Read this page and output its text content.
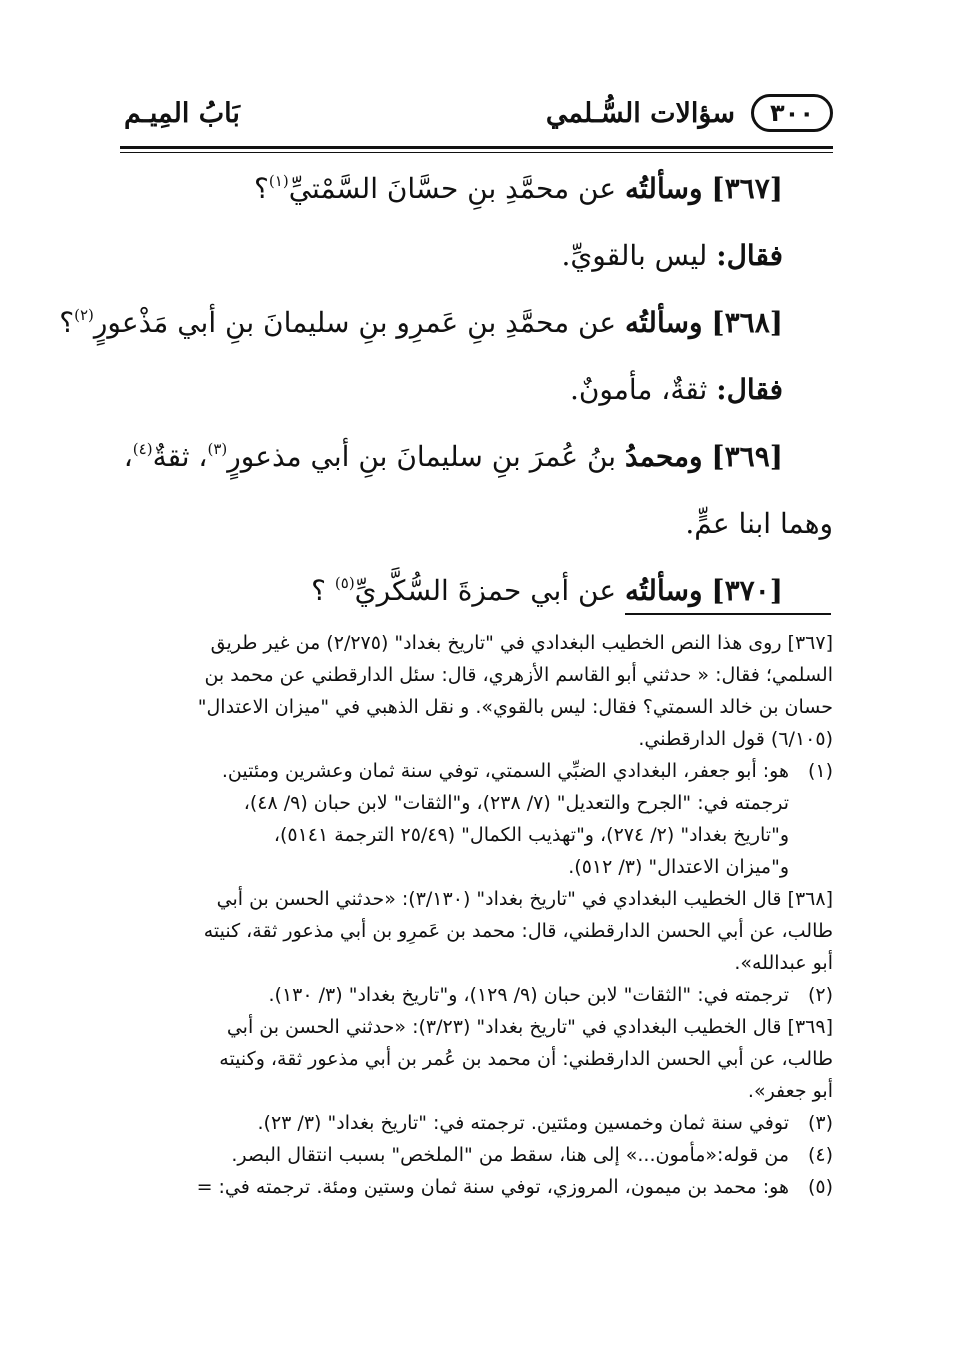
٣٠٠
سؤالات السُّـلمي
بَابُ المِيـم

[٣٦٧] وسألتُه عن محمَّدِ بنِ حسَّانَ السَّمْتيِّ$^{(١)}$؟

فقال: ليس بالقويِّ.

[٣٦٨] وسألتُه عن محمَّدِ بنِ عَمرِو بنِ سليمانَ بنِ أبي مَذْعورٍ$^{(٢)}$؟

فقال: ثقةٌ، مأمونٌ.

[٣٦٩] ومحمدُ بنُ عُمرَ بنِ سليمانَ بنِ أبي مذعورٍ$^{(٣)}$، ثقةٌ$^{(٤)}$،

وهما ابنا عمٍّ.

[٣٧٠] وسألتُه عن أبي حمزةَ السُّكَّريِّ$^{(٥)}$ ؟

[٣٦٧] روى هذا النص الخطيب البغدادي في "تاريخ بغداد" (٢/٢٧٥) من غير طريق
السلمي؛ فقال: « حدثني أبو القاسم الأزهري، قال: سئل الدارقطني عن محمد بن
حسان بن خالد السمتي؟ فقال: ليس بالقوي». و نقل الذهبي في "ميزان الاعتدال"
(٦/١٠٥) قول الدارقطني.
(١)
هو: أبو جعفر، البغدادي الضبِّي السمتي، توفي سنة ثمان وعشرين ومئتين.
ترجمته في: "الجرح والتعديل" (٧/ ٢٣٨)، و"الثقات" لابن حبان (٩/ ٤٨)،
و"تاريخ بغداد" (٢/ ٢٧٤)، و"تهذيب الكمال" (٢٥/٤٩ الترجمة ٥١٤١)،
و"ميزان الاعتدال" (٣/ ٥١٢).
[٣٦٨] قال الخطيب البغدادي في "تاريخ بغداد" (٣/١٣٠): «حدثني الحسن بن أبي
طالب، عن أبي الحسن الدارقطني، قال: محمد بن عَمرِو بن أبي مذعور ثقة، كنيته
أبو عبدالله».
(٢)
ترجمته في: "الثقات" لابن حبان (٩/ ١٢٩)، و"تاريخ بغداد" (٣/ ١٣٠).
[٣٦٩] قال الخطيب البغدادي في "تاريخ بغداد" (٣/٢٣): «حدثني الحسن بن أبي
طالب، عن أبي الحسن الدارقطني: أن محمد بن عُمر بن أبي مذعور ثقة، وكنيته
أبو جعفر».
(٣)
توفي سنة ثمان وخمسين ومئتين. ترجمته في: "تاريخ بغداد" (٣/ ٢٣).
(٤)
من قوله:«مأمون...» إلى هنا، سقط من "الملخص" بسبب انتقال البصر.
(٥)
هو: محمد بن ميمون، المروزي، توفي سنة ثمان وستين ومئة. ترجمته في: =
